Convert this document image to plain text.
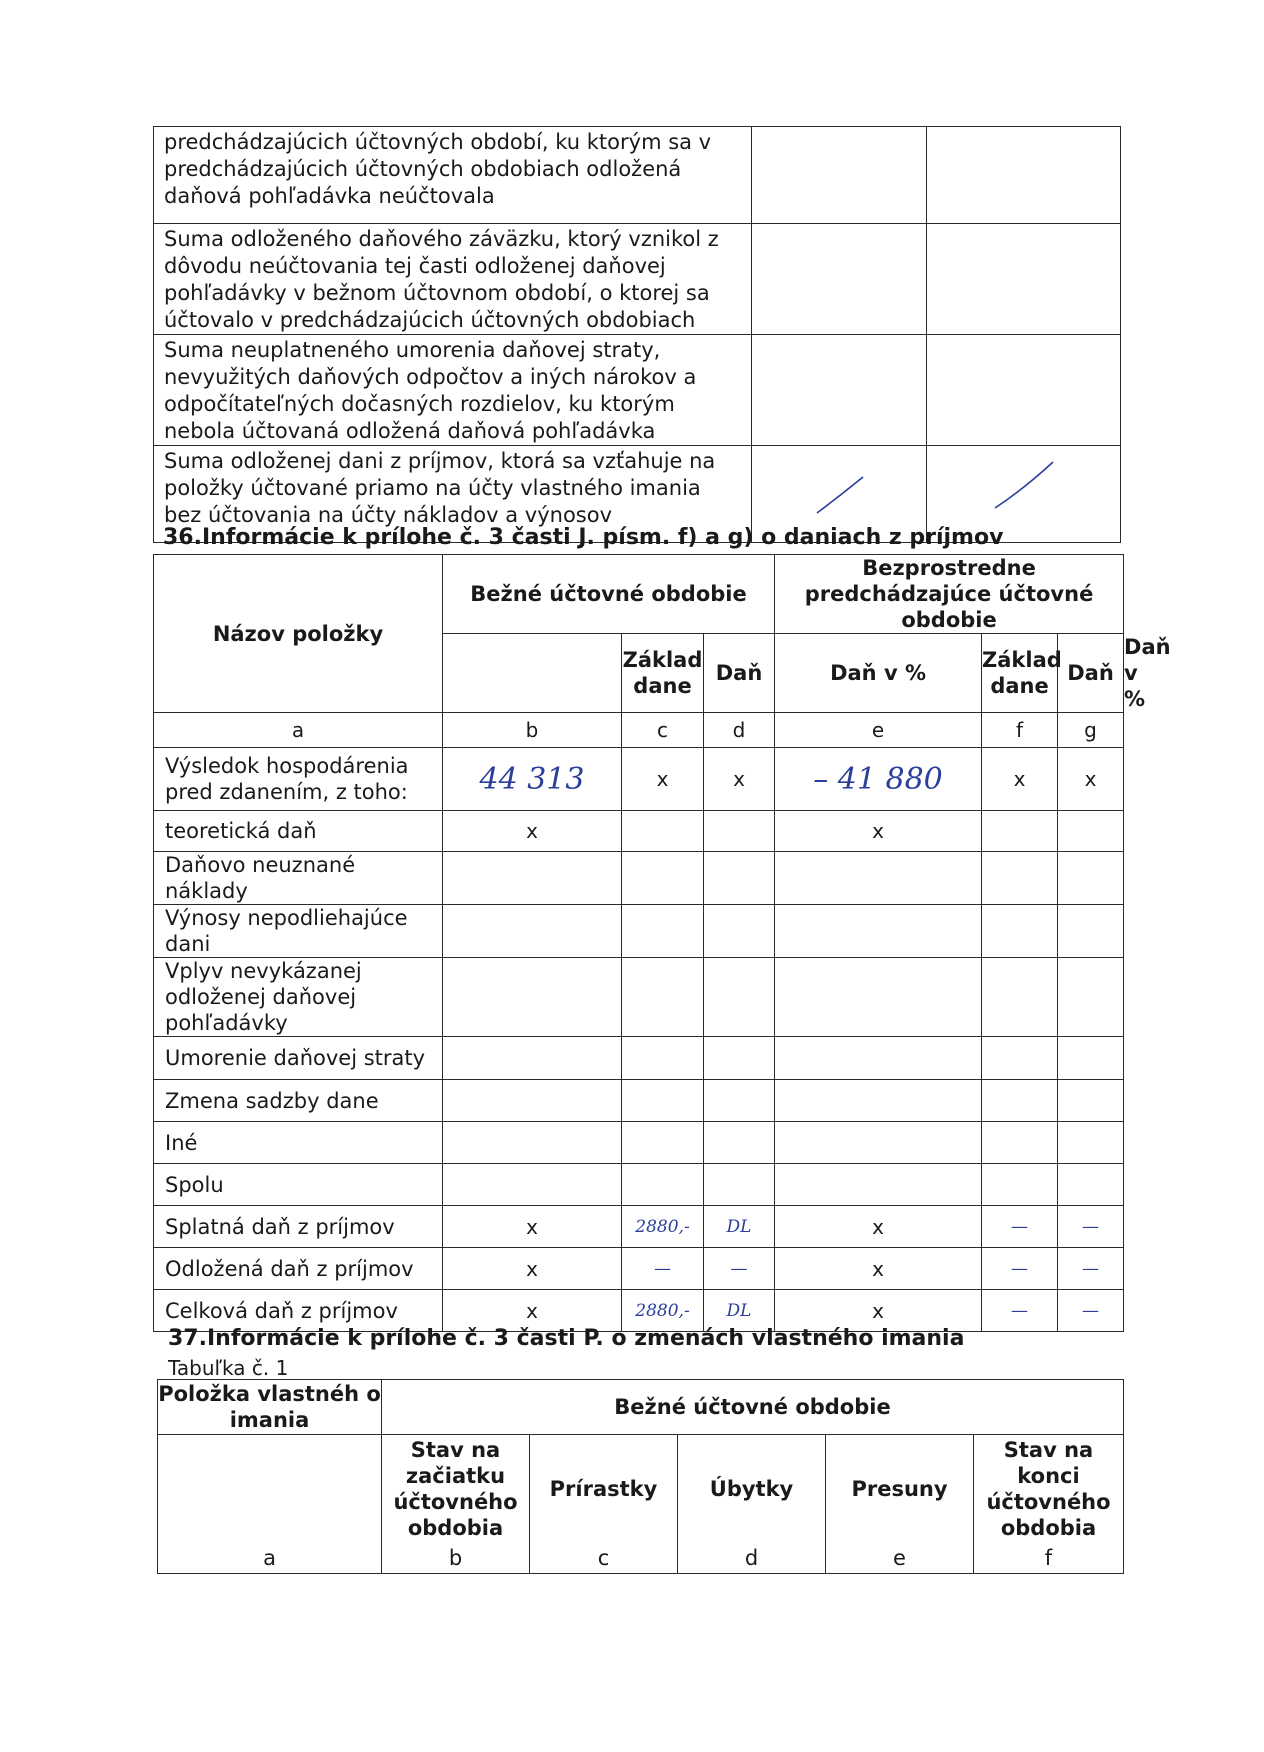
predchádzajúcich účtovných období, ku ktorým sa v predchádzajúcich účtovných obdobiach odložená daňová pohľadávka neúčtovala		
Suma odloženého daňového záväzku, ktorý vznikol z dôvodu neúčtovania tej časti odloženej daňovej pohľadávky v bežnom účtovnom období, o ktorej sa účtovalo v predchádzajúcich účtovných obdobiach		
Suma neuplatneného umorenia daňovej straty, nevyužitých daňových odpočtov a iných nárokov a odpočítateľných dočasných rozdielov, ku ktorým nebola účtovaná odložená daňová pohľadávka		
Suma odloženej dani z príjmov, ktorá sa vzťahuje na položky účtované priamo na účty vlastného imania bez účtovania na účty nákladov a výnosov	

36.Informácie k prílohe č. 3 časti J. písm. f) a g) o daniach z príjmov
Názov položky	Bežné účtovné obdobie			Bezprostredne predchádzajúce účtovné obdobie			
		Základ dane	Daň	Daň v %	Základ dane	Daň	Daň v %
a	b	c	d	e	f	g	
Výsledok hospodárenia pred zdanením, z toho:	44 313	x	x	– 41 880	x	x	
teoretická daň	x			x			
Daňovo neuznané náklady							
Výnosy nepodliehajúce dani							
Vplyv nevykázanej odloženej daňovej pohľadávky							
Umorenie daňovej straty							
Zmena sadzby dane							
Iné							
Spolu							
Splatná daň z príjmov	x	2880,-	DL	x	—	—	
Odložená daň z príjmov	x	—	—	x	—	—	
Celková daň z príjmov	x	2880,-	DL	x	—	—	
37.Informácie k prílohe č. 3 časti P. o zmenách vlastného imania

Tabuľka č. 1

Položka vlastnéh o imania	Bežné účtovné obdobie				
	Stav na začiatku účtovného obdobia	Prírastky	Úbytky	Presuny	Stav na konci účtovného obdobia
a	b	c	d	e	f
